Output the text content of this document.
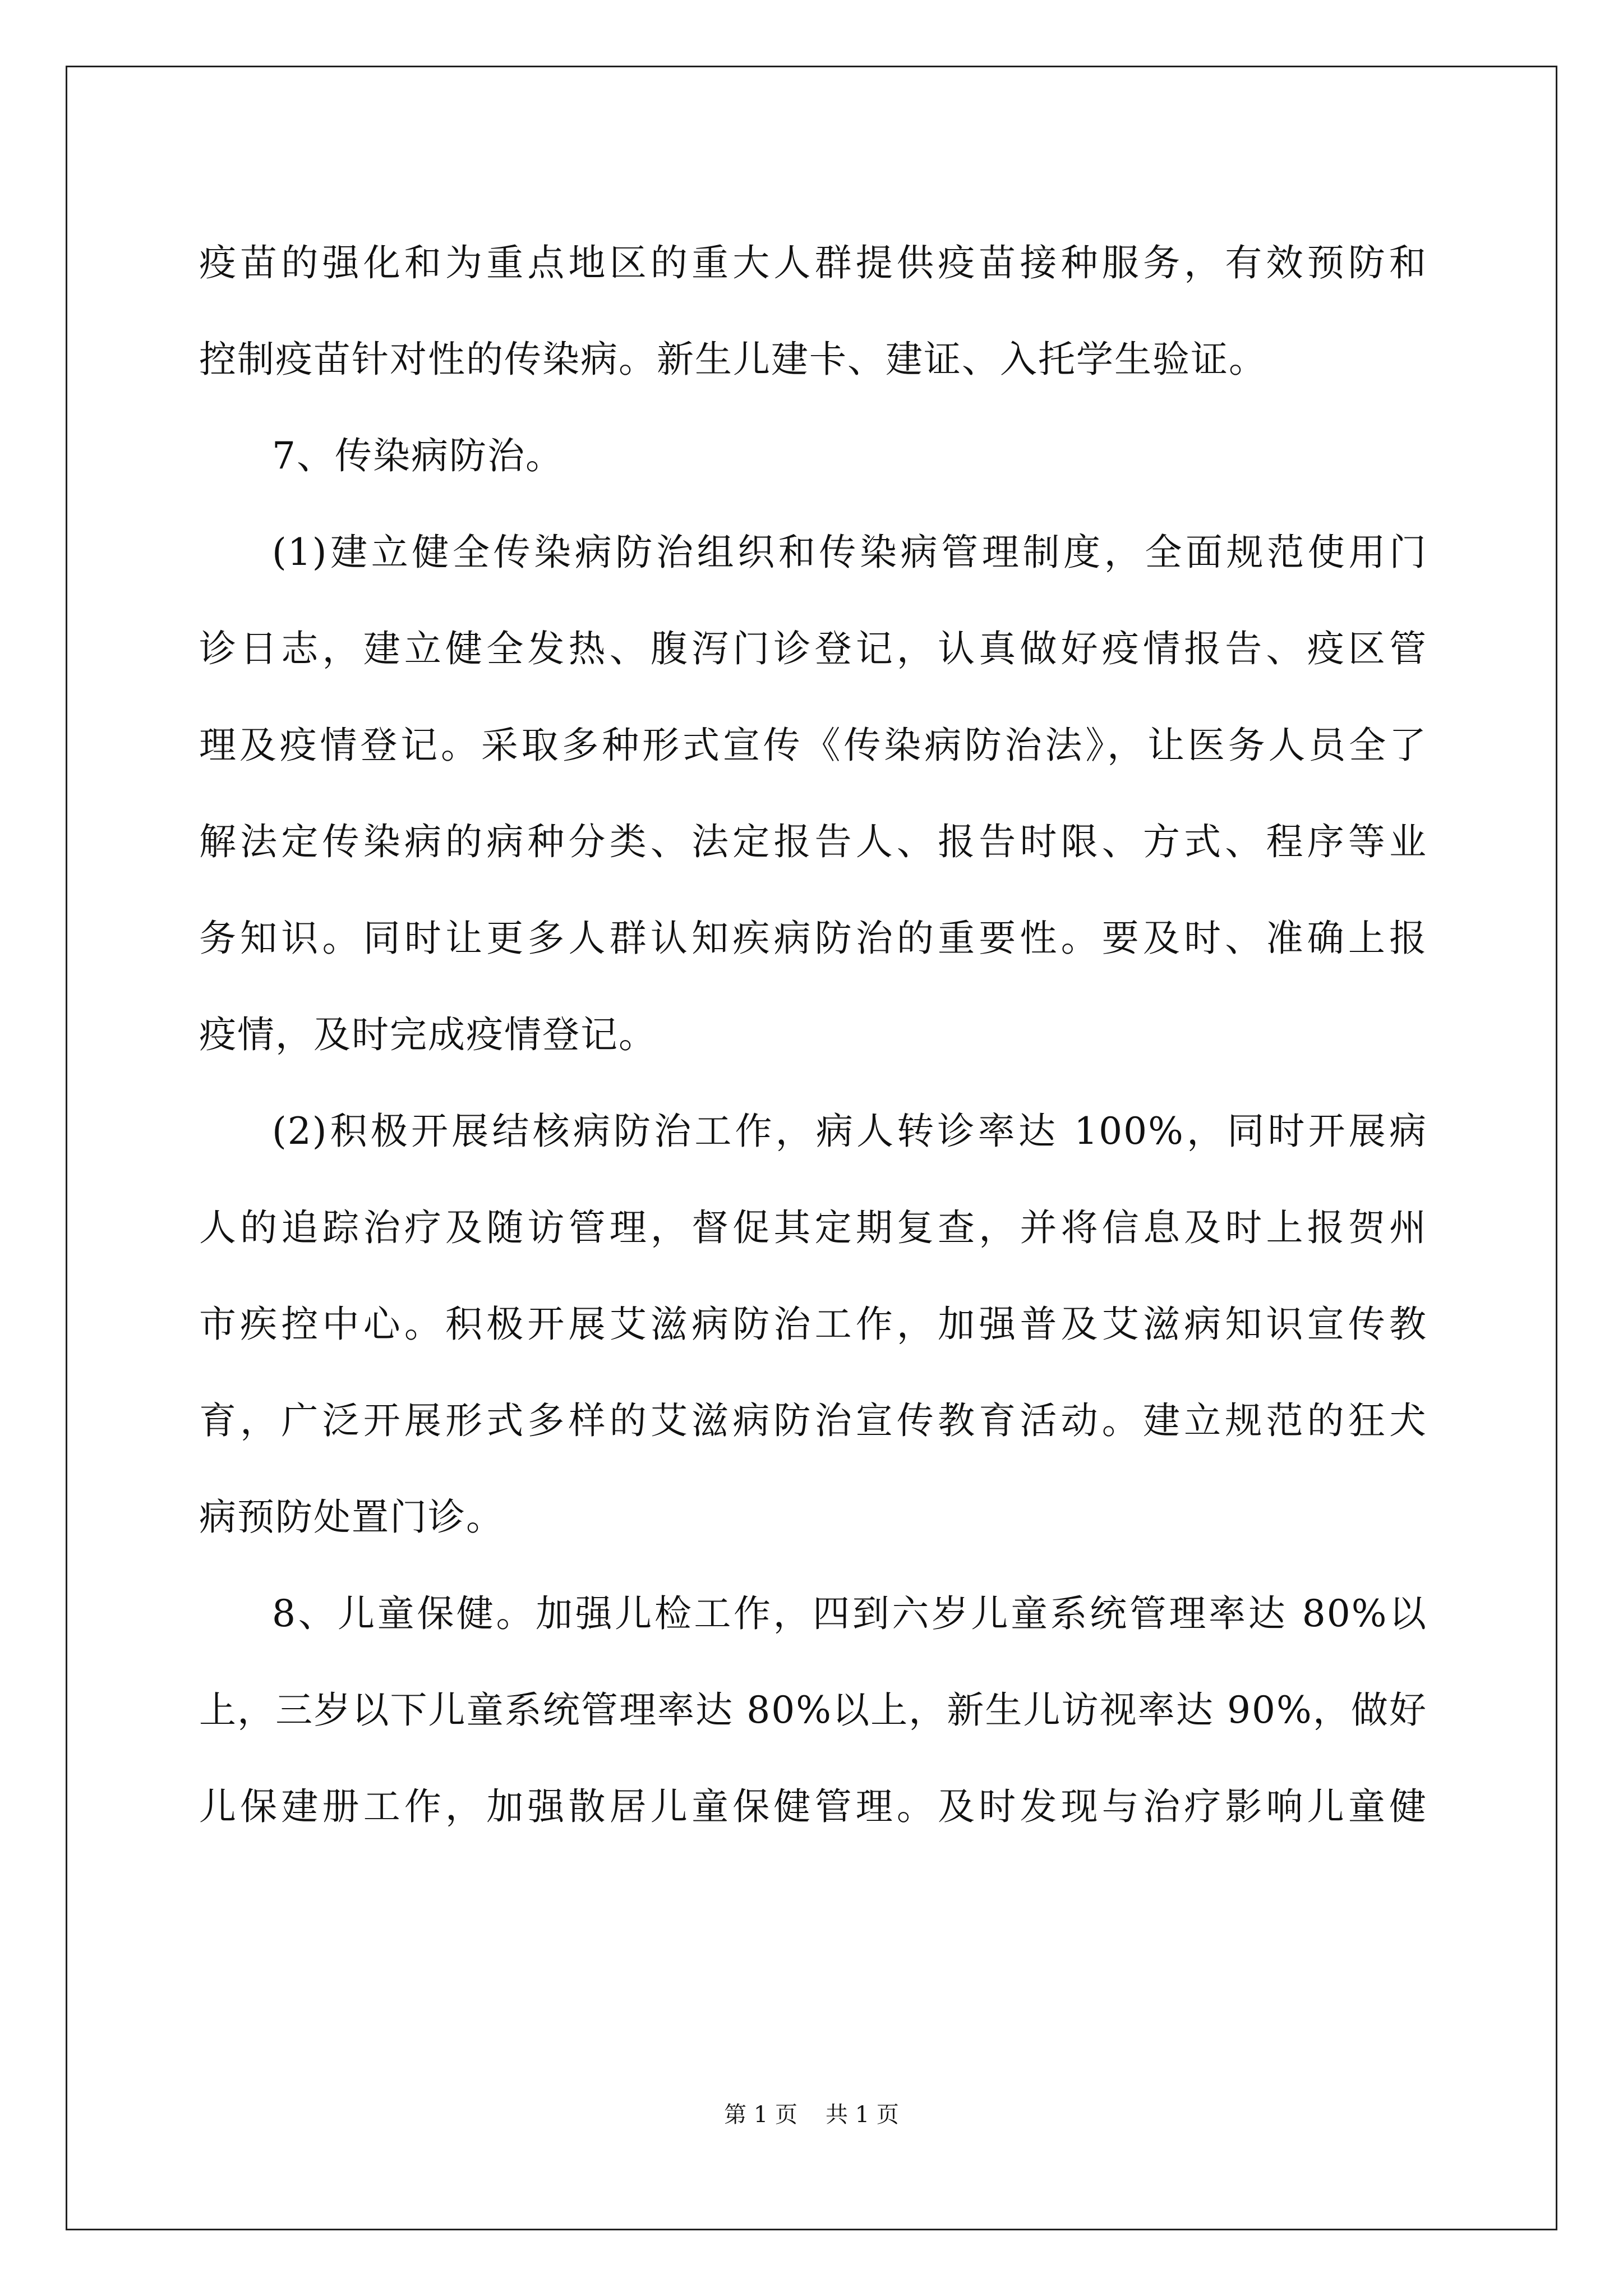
疫苗的强化和为重点地区的重大人群提供疫苗接种服务，有效预防和
控制疫苗针对性的传染病。新生儿建卡、建证、入托学生验证。
7、传染病防治。
(1)建立健全传染病防治组织和传染病管理制度，全面规范使用门
诊日志，建立健全发热、腹泻门诊登记，认真做好疫情报告、疫区管
理及疫情登记。采取多种形式宣传《传染病防治法》，让医务人员全了
解法定传染病的病种分类、法定报告人、报告时限、方式、程序等业
务知识。同时让更多人群认知疾病防治的重要性。要及时、准确上报
疫情，及时完成疫情登记。
(2)积极开展结核病防治工作，病人转诊率达 100%，同时开展病
人的追踪治疗及随访管理，督促其定期复查，并将信息及时上报贺州
市疾控中心。积极开展艾滋病防治工作，加强普及艾滋病知识宣传教
育，广泛开展形式多样的艾滋病防治宣传教育活动。建立规范的狂犬
病预防处置门诊。
8、儿童保健。加强儿检工作，四到六岁儿童系统管理率达 80%以
上，三岁以下儿童系统管理率达 80%以上，新生儿访视率达 90%，做好
儿保建册工作，加强散居儿童保健管理。及时发现与治疗影响儿童健
第 1 页 共 1 页
